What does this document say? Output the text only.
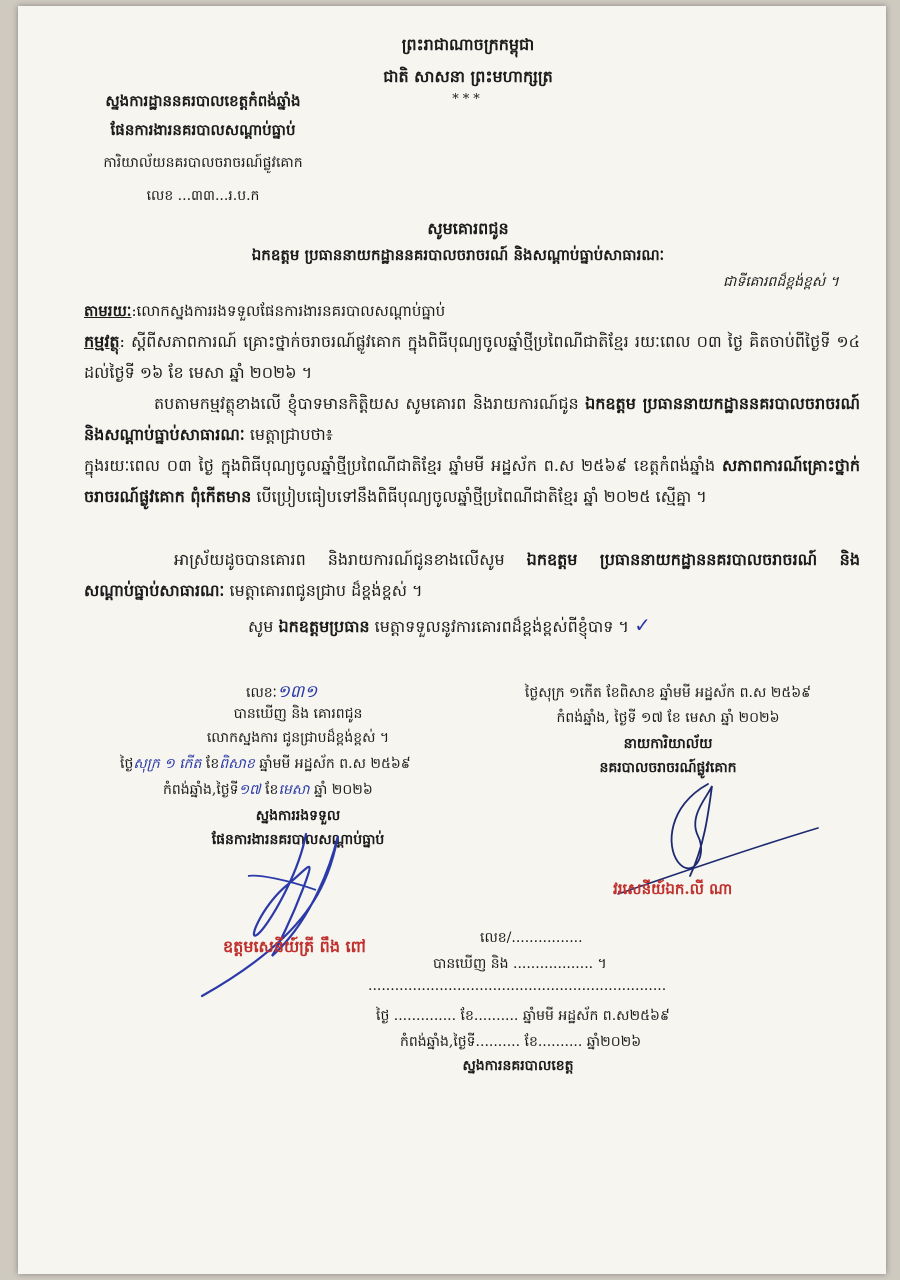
ព្រះរាជាណាចក្រកម្ពុជា
ជាតិ សាសនា ព្រះមហាក្សត្រ
***
ស្នងការដ្ឋាននគរបាលខេត្តកំពង់ឆ្នាំង
ផែនការងារនគរបាលសណ្តាប់ធ្នាប់
ការិយាល័យនគរបាលចរាចរណ៍ផ្លូវគោក
លេខ ...៣៣...រ.ប.ក
សូមគោរពជូន
ឯកឧត្តម ប្រធាននាយកដ្ឋាននគរបាលចរាចរណ៍ និងសណ្តាប់ធ្នាប់សាធារណៈ
ជាទីគោរពដ៏ខ្ពង់ខ្ពស់ ។
តាមរយៈ:លោកស្នងការរងទទួលផែនការងារនគរបាលសណ្តាប់ធ្នាប់
កម្មវត្ថុ: ស្តីពីសភាពការណ៍ គ្រោះថ្នាក់ចរាចរណ៍ផ្លូវគោក ក្នុងពិធីបុណ្យចូលឆ្នាំថ្មីប្រពៃណីជាតិខ្មែរ រយៈពេល ០៣ ថ្ងៃ គិតចាប់ពីថ្ងៃទី ១៤ ដល់ថ្ងៃទី ១៦ ខែ មេសា ឆ្នាំ ២០២៦ ។
តបតាមកម្មវត្ថុខាងលើ ខ្ញុំបាទមានកិត្តិយស សូមគោរព និងរាយការណ៍ជូន ឯកឧត្តម ប្រធាននាយកដ្ឋាននគរបាលចរាចរណ៍ និងសណ្តាប់ធ្នាប់សាធារណៈ មេត្តាជ្រាបថា៖
ក្នុងរយៈពេល ០៣ ថ្ងៃ ក្នុងពិធីបុណ្យចូលឆ្នាំថ្មីប្រពៃណីជាតិខ្មែរ ឆ្នាំមមី អដ្ឋស័ក ព.ស ២៥៦៩ ខេត្តកំពង់ឆ្នាំង សភាពការណ៍គ្រោះថ្នាក់ចរាចរណ៍ផ្លូវគោក ពុំកើតមាន បើប្រៀបធៀបទៅនឹងពិធីបុណ្យចូលឆ្នាំថ្មីប្រពៃណីជាតិខ្មែរ ឆ្នាំ ២០២៥ ស្មើគ្នា ។
អាស្រ័យដូចបានគោរព និងរាយការណ៍ជូនខាងលើសូម ឯកឧត្តម ប្រធាននាយកដ្ឋាននគរបាលចរាចរណ៍ និង សណ្តាប់ធ្នាប់សាធារណៈ មេត្តាគោរពជូនជ្រាប ដ៏ខ្ពង់ខ្ពស់ ។
សូម ឯកឧត្តមប្រធាន មេត្តាទទួលនូវការគោរពដ៏ខ្ពង់ខ្ពស់ពីខ្ញុំបាទ ។ ✓
លេខៈ១៣១
បានឃើញ និង គោរពជូន
លោកស្នងការ ជូនជ្រាបដ៏ខ្ពង់ខ្ពស់ ។
ថ្ងៃសុក្រ ១ កើត ខែពិសាខ ឆ្នាំមមី អដ្ឋស័ក ព.ស ២៥៦៩
កំពង់ឆ្នាំង,ថ្ងៃទី១៧ ខែមេសា ឆ្នាំ ២០២៦
ស្នងការរងទទួល
ផែនការងារនគរបាលសណ្តាប់ធ្នាប់
ឧត្តមសេនីយ៍ត្រី ពឹង ពៅ
ថ្ងៃសុក្រ ១កើត ខែពិសាខ ឆ្នាំមមី អដ្ឋស័ក ព.ស ២៥៦៩
កំពង់ឆ្នាំង, ថ្ងៃទី ១៧ ខែ មេសា ឆ្នាំ ២០២៦
នាយការិយាល័យ
នគរបាលចរាចរណ៍ផ្លូវគោក
វរសេនីយ៍ឯក.លី ណា
លេខ/................
បានឃើញ និង .................. ។
...................................................................
ថ្ងៃ .............. ខែ.......... ឆ្នាំមមី អដ្ឋស័ក ព.ស២៥៦៩
កំពង់ឆ្នាំង,ថ្ងៃទី.......... ខែ.......... ឆ្នាំ២០២៦
ស្នងការនគរបាលខេត្ត
